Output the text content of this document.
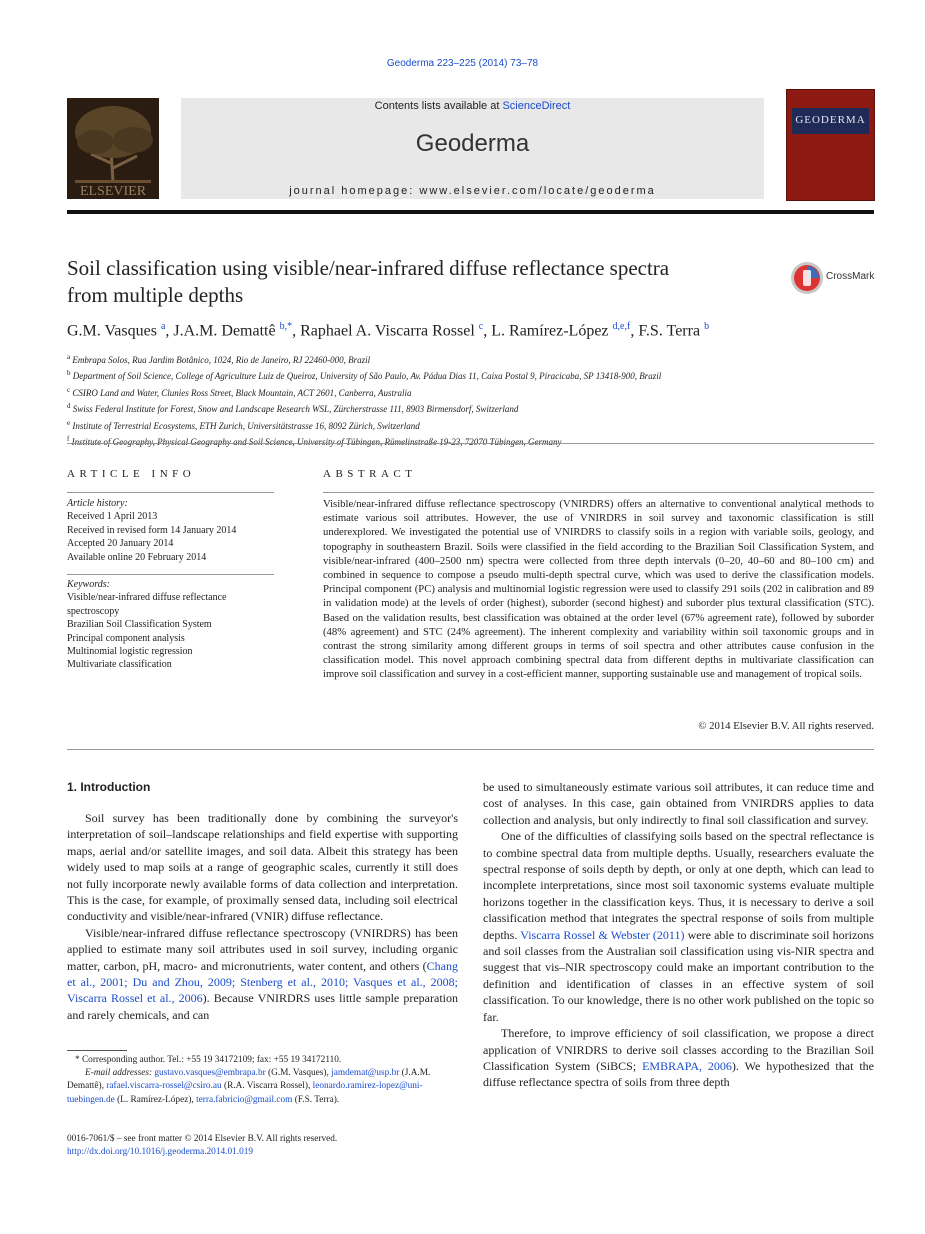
Geoderma 223–225 (2014) 73–78
ELSEVIER
Contents lists available at ScienceDirect
Geoderma
journal homepage: www.elsevier.com/locate/geoderma
GEODERMA
Soil classification using visible/near-infrared diffuse reflectance spectra from multiple depths
CrossMark
G.M. Vasques $^a$, J.A.M. Demattê $^{b,*}$, Raphael A. Viscarra Rossel $^c$, L. Ramírez-López $^{d,e,f}$, F.S. Terra $^b$
$^a$ Embrapa Solos, Rua Jardim Botânico, 1024, Rio de Janeiro, RJ 22460-000, Brazil
$^b$ Department of Soil Science, College of Agriculture Luiz de Queiroz, University of São Paulo, Av. Pádua Dias 11, Caixa Postal 9, Piracicaba, SP 13418-900, Brazil
$^c$ CSIRO Land and Water, Clunies Ross Street, Black Mountain, ACT 2601, Canberra, Australia
$^d$ Swiss Federal Institute for Forest, Snow and Landscape Research WSL, Zürcherstrasse 111, 8903 Birmensdorf, Switzerland
$^e$ Institute of Terrestrial Ecosystems, ETH Zurich, Universitätstrasse 16, 8092 Zürich, Switzerland
$^f$
ARTICLE INFO	ABSTRACT
Article history:
Received 1 April 2013
Received in revised form 14 January 2014
Accepted 20 January 2014
Available online 20 February 2014
Keywords:
Visible/near-infrared diffuse reflectance spectroscopy
Brazilian Soil Classification System
Principal component analysis
Multinomial logistic regression
Multivariate classification
Visible/near-infrared diffuse reflectance spectroscopy (VNIRDRS) offers an alternative to conventional analytical methods to estimate various soil attributes. However, the use of VNIRDRS in soil survey and taxonomic classification is still underexplored. We investigated the potential use of VNIRDRS to classify soils in a region with variable soils, geology, and topography in southeastern Brazil. Soils were classified in the field according to the Brazilian Soil Classification System, and visible/near-infrared (400–2500 nm) spectra were collected from three depth intervals (0–20, 40–60 and 80–100 cm) and combined in sequence to compose a pseudo multi-depth spectral curve, which was used to derive the classification models. Principal component (PC) analysis and multinomial logistic regression were used to classify 291 soils (202 in calibration and 89 in validation mode) at the levels of order (highest), suborder (second highest) and suborder plus textural classification (STC). Based on the validation results, best classification was obtained at the order level (67% agreement rate), followed by suborder (48% agreement) and STC (24% agreement). The inherent complexity and variability within soil taxonomic groups and in contrast the strong similarity among different groups in terms of soil spectra and other attributes cause confusion in the classification model. This novel approach combining spectral data from different depths in multivariate classification can improve soil classification and survey in a cost-efficient manner, supporting sustainable use and management of tropical soils.
© 2014 Elsevier B.V. All rights reserved.
1. Introduction

Soil survey has been traditionally done by combining the surveyor's interpretation of soil–landscape relationships and field expertise with supporting maps, aerial and/or satellite images, and soil data. Albeit this strategy has been widely used to map soils at a range of geographic scales, currently it still does not fully incorporate newly available forms of data collection and interpretation. This is the case, for example, of proximally sensed data, including soil electrical conductivity and visible/near-infrared (VNIR) diffuse reflectance.

Visible/near-infrared diffuse reflectance spectroscopy (VNIRDRS) has been applied to estimate many soil attributes used in soil survey, including organic matter, carbon, pH, macro- and micronutrients, water content, and others (Chang et al., 2001; Du and Zhou, 2009; Stenberg et al., 2010; Vasques et al., 2008; Viscarra Rossel et al., 2006). Because VNIRDRS uses little sample preparation and rarely chemicals, and can

be used to simultaneously estimate various soil attributes, it can reduce time and cost of analyses. In this case, gain obtained from VNIRDRS applies to data collection and analysis, but only indirectly to final soil classification and survey.

One of the difficulties of classifying soils based on the spectral reflectance is to combine spectral data from multiple depths. Usually, researchers evaluate the spectral response of soils depth by depth, or only at one depth, which can lead to incomplete interpretations, since most soil taxonomic systems evaluate multiple horizons together in the classification keys. Thus, it is necessary to derive a soil classification method that integrates the spectral response of soils from multiple depths. Viscarra Rossel & Webster (2011) were able to discriminate soil horizons and soil classes from the Australian soil classification using vis-NIR spectra and suggest that vis–NIR spectroscopy could make an important contribution to the definition and identification of classes in an effective system of soil classification. To our knowledge, there is no other work published on the topic so far.

Therefore, to improve efficiency of soil classification, we propose a direct application of VNIRDRS to derive soil classes according to the Brazilian Soil Classification System (SiBCS; EMBRAPA, 2006). We hypothesized that the diffuse reflectance spectra of soils from three depth

* Corresponding author. Tel.: +55 19 34172109; fax: +55 19 34172110.
E-mail addresses: gustavo.vasques@embrapa.br (G.M. Vasques), jamdemat@usp.br (J.A.M. Demattê), rafael.viscarra-rossel@csiro.au (R.A. Viscarra Rossel), leonardo.ramirez-lopez@uni-tuebingen.de (L. Ramírez-López), terra.fabricio@gmail.com (F.S. Terra).
0016-7061/$ – see front matter © 2014 Elsevier B.V. All rights reserved.
http://dx.doi.org/10.1016/j.geoderma.2014.01.019
